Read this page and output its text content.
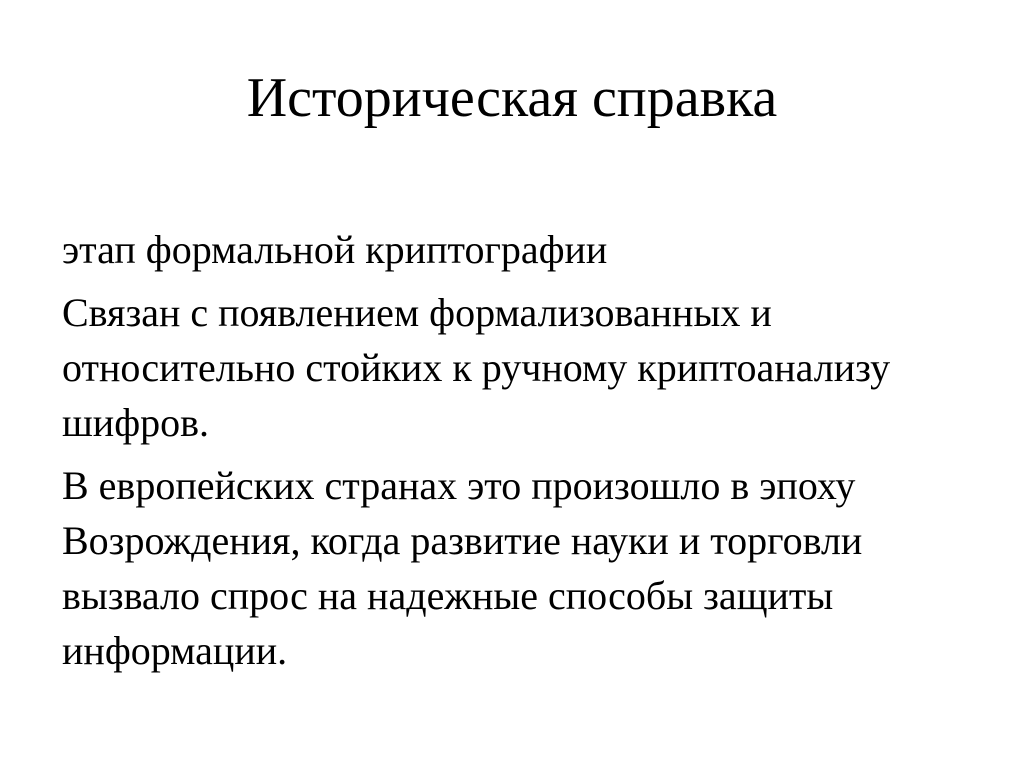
Историческая справка
этап формальной криптографии
Связан с появлением формализованных и относительно стойких к ручному криптоанализу шифров.
В европейских странах это произошло в эпоху Возрождения, когда развитие науки и торговли вызвало спрос на надежные способы защиты информации.
